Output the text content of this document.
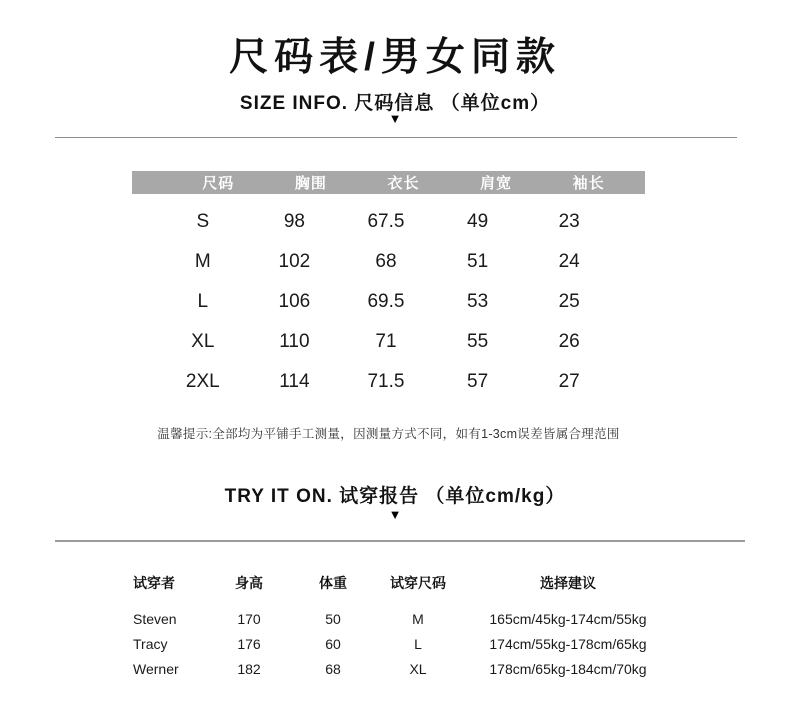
尺码表/男女同款
SIZE INFO. 尺码信息 （单位cm）
▼
尺码	胸围	衣长	肩宽	袖长
S	98	67.5	49	23
M	102	68	51	24
L	106	69.5	53	25
XL	110	71	55	26
2XL	114	71.5	57	27
温馨提示:全部均为平铺手工测量，因测量方式不同，如有1-3cm误差皆属合理范围
TRY IT ON. 试穿报告 （单位cm/kg）
▼
试穿者	身高	体重	试穿尺码	选择建议
Steven	170	50	M	165cm/45kg-174cm/55kg
Tracy	176	60	L	174cm/55kg-178cm/65kg
Werner	182	68	XL	178cm/65kg-184cm/70kg
